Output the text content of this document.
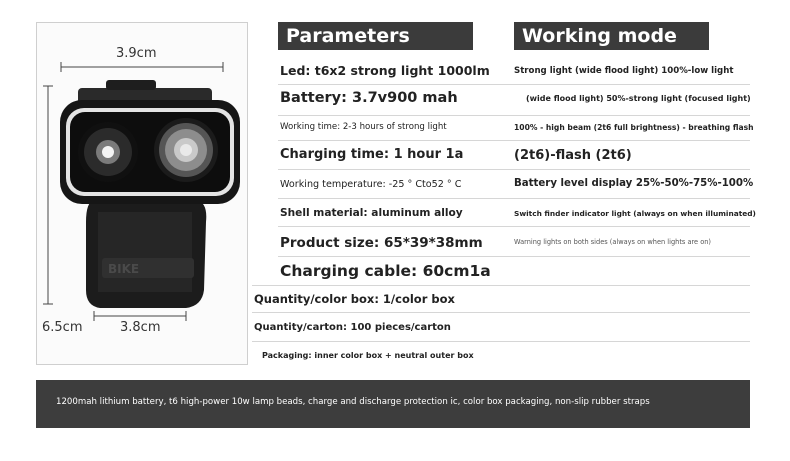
BIKE
3.9cm
6.5cm	3.8cm
Parameters	Working mode
Led: t6x2 strong light 1000lm
Battery: 3.7v900 mah
Working time: 2-3 hours of strong light
Charging time: 1 hour 1a
Working temperature: -25 ° Cto52 ° C
Shell material: aluminum alloy
Product size: 65*39*38mm
Charging cable: 60cm1a
Quantity/color box: 1/color box
Quantity/carton: 100 pieces/carton
Packaging: inner color box + neutral outer box
Strong light (wide flood light) 100%-low light
(wide flood light) 50%-strong light (focused light)
100% - high beam (2t6 full brightness) - breathing flash
(2t6)-flash (2t6)
Battery level display 25%-50%-75%-100%
Switch finder indicator light (always on when illuminated)
Warning lights on both sides (always on when lights are on)
1200mah lithium battery, t6 high-power 10w lamp beads, charge and discharge protection ic, color box packaging, non-slip rubber straps
